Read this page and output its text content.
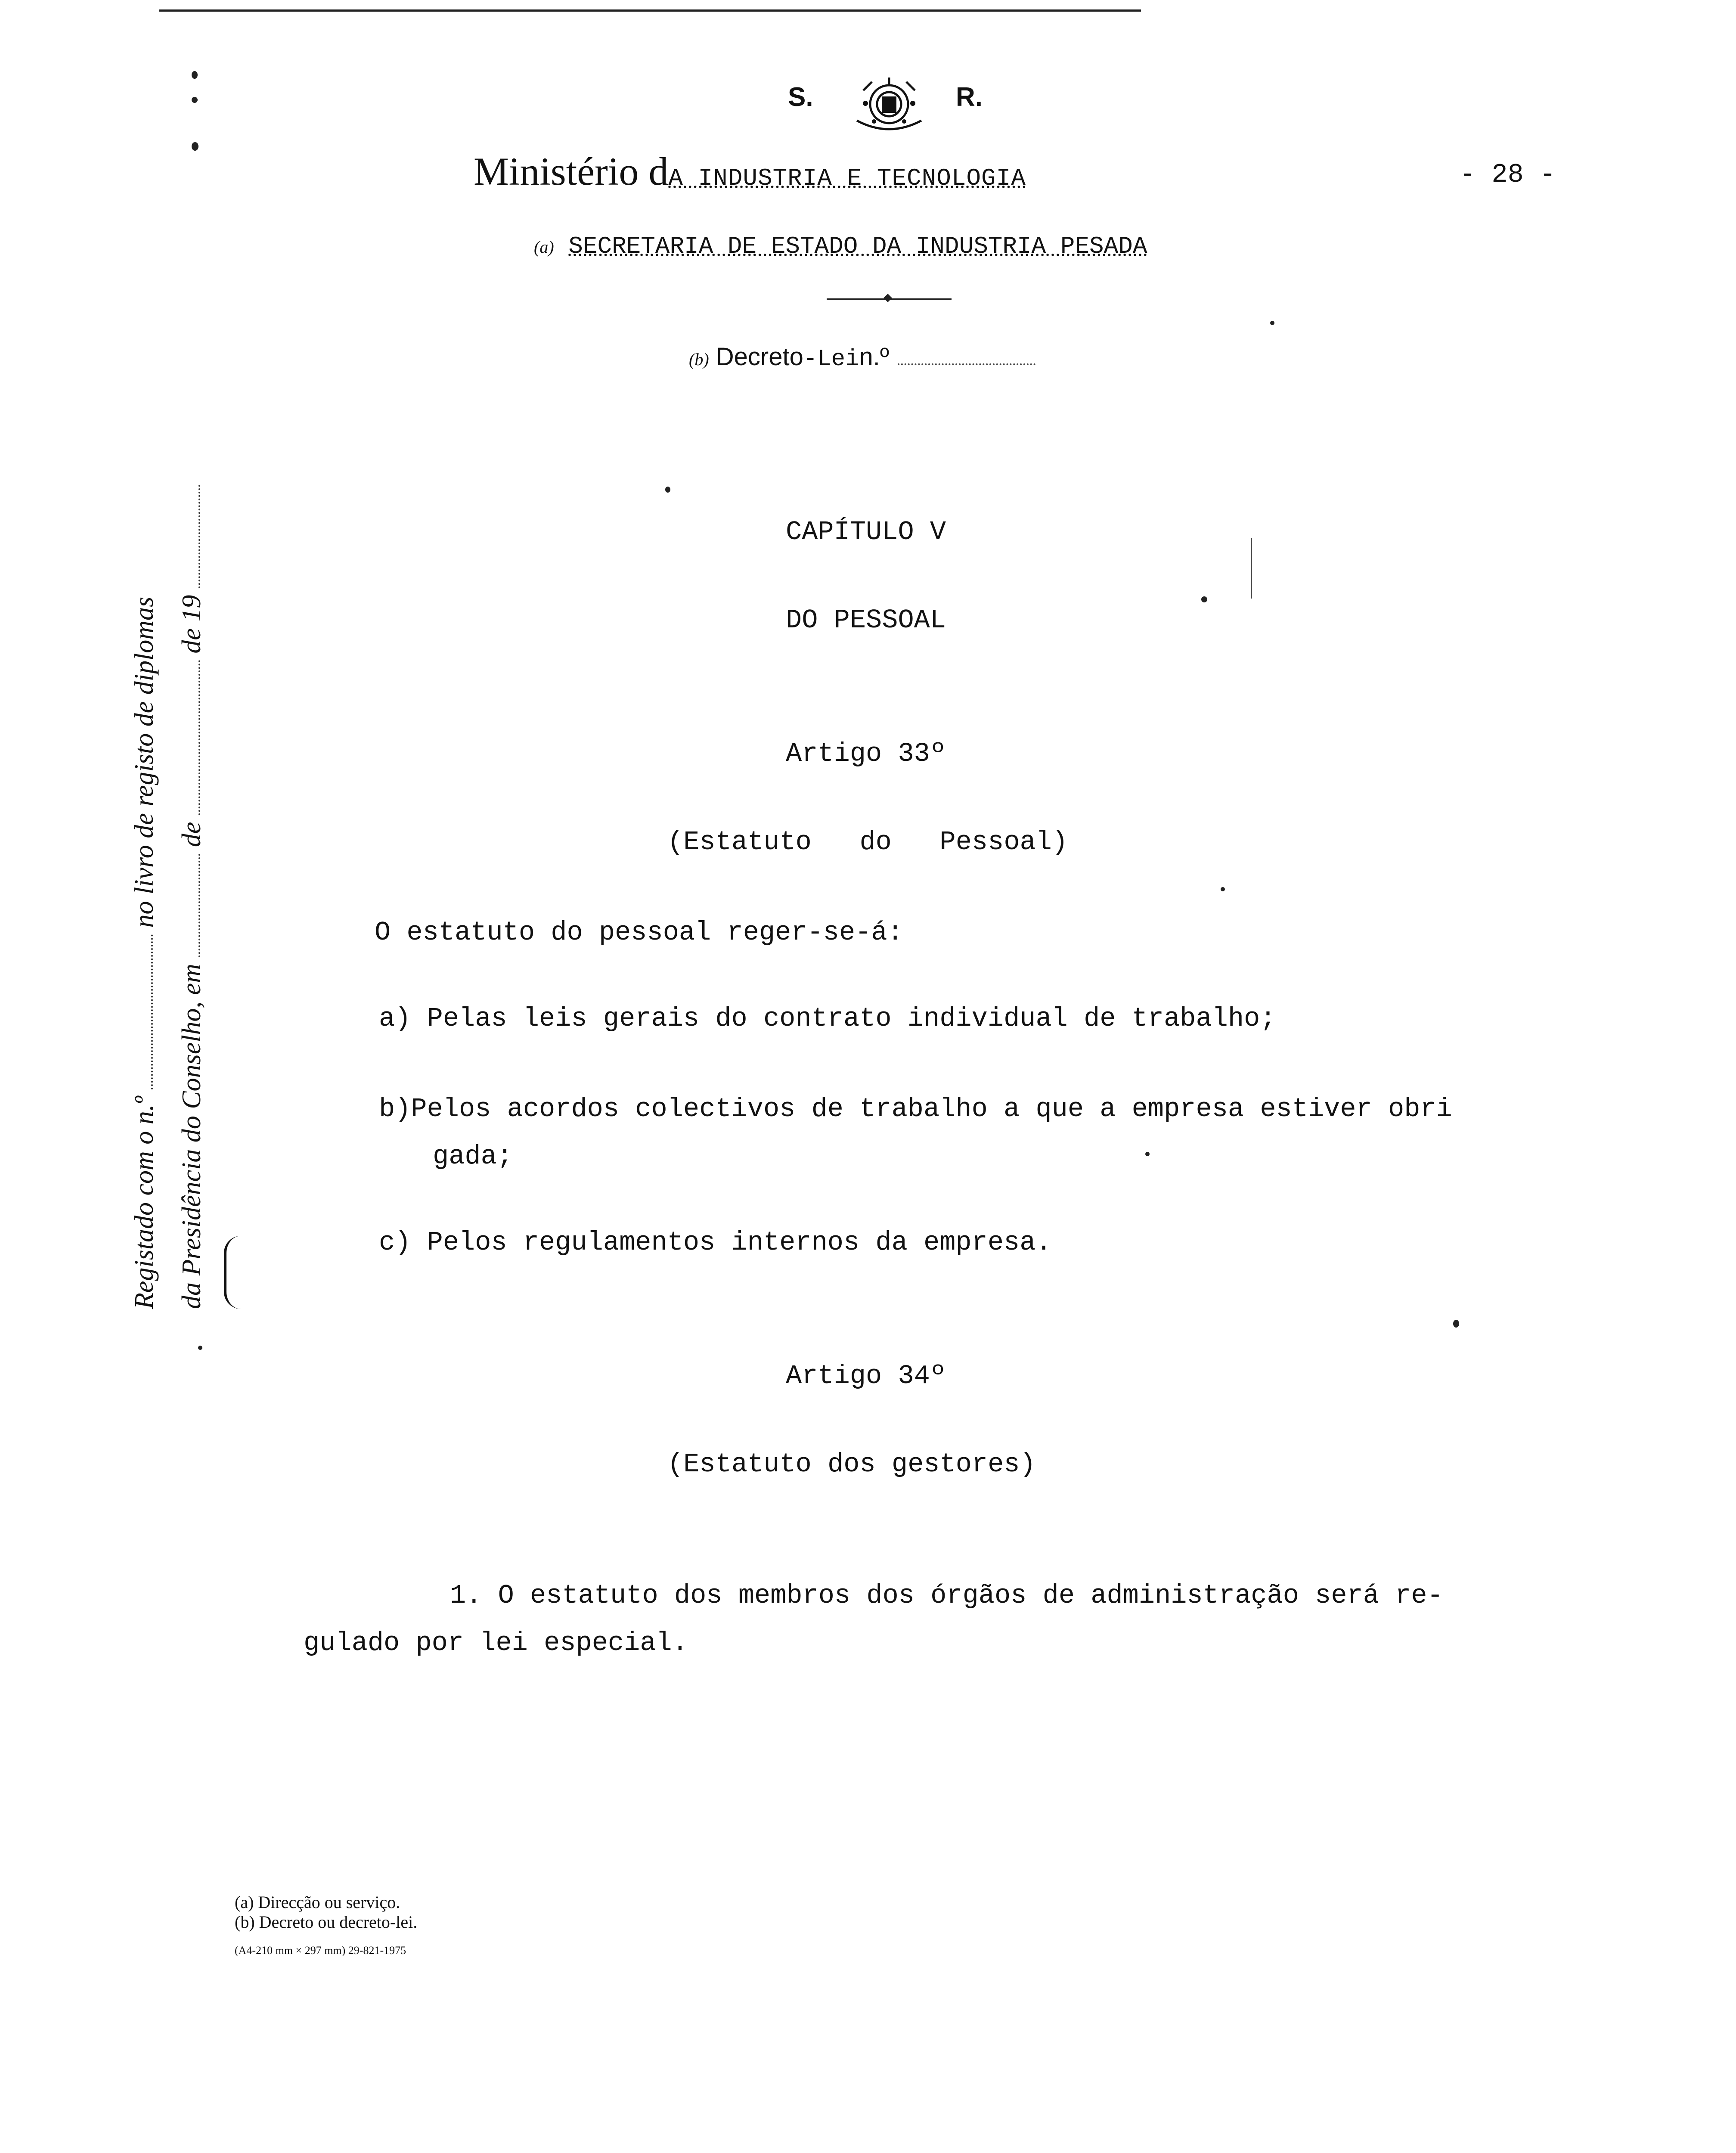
S.	R.
Ministério dA INDUSTRIA E TECNOLOGIA	- 28 -
(a) SECRETARIA DE ESTADO DA INDUSTRIA PESADA
(b) Decreto-Lein.º
Registado com o n.º  no livro de registo de diplomas
da Presidência do Conselho, em  de  de 19
CAPÍTULO V
DO PESSOAL
Artigo 33º
(Estatuto   do   Pessoal)
O estatuto do pessoal reger-se-á:
a) Pelas leis gerais do contrato individual de trabalho;
b)Pelos acordos colectivos de trabalho a que a empresa estiver obri
gada;
c) Pelos regulamentos internos da empresa.
Artigo 34º
(Estatuto dos gestores)
1. O estatuto dos membros dos órgãos de administração será re-
gulado por lei especial.
(a) Direcção ou serviço.
(b) Decreto ou decreto-lei.
(A4-210 mm × 297 mm) 29-821-1975
